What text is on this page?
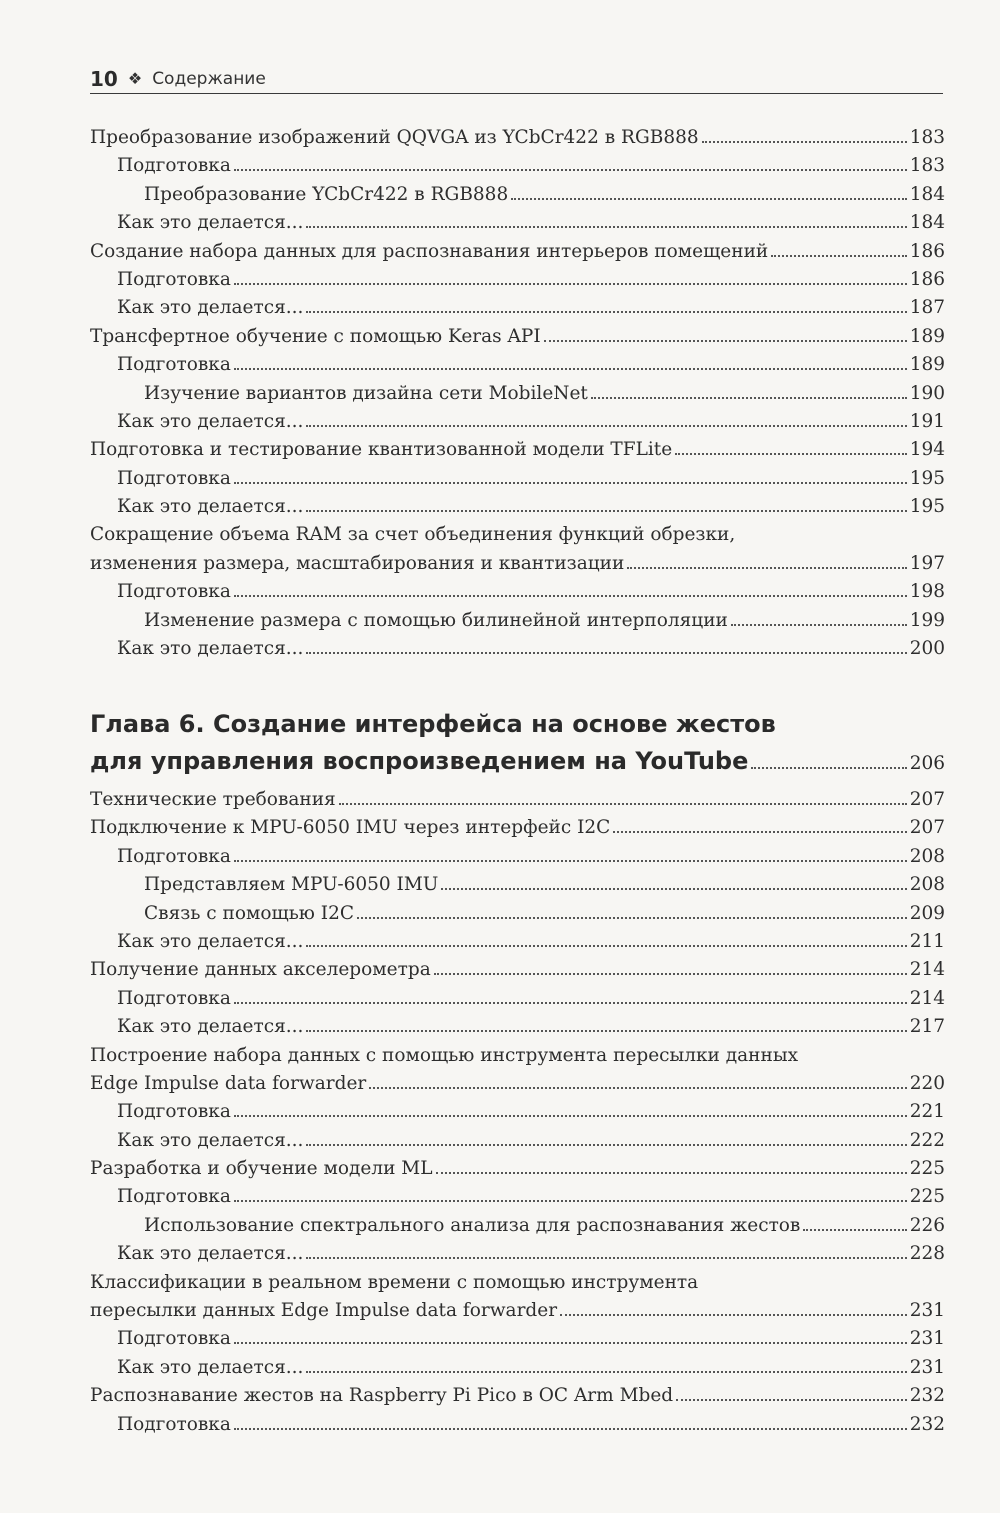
10 ❖ Содержание
Преобразование изображений QQVGA из YCbCr422 в RGB888	183
Подготовка	183
Преобразование YCbCr422 в RGB888	184
Как это делается...	184
Создание набора данных для распознавания интерьеров помещений	186
Подготовка	186
Как это делается...	187
Трансфертное обучение с помощью Keras API	189
Подготовка	189
Изучение вариантов дизайна сети MobileNet	190
Как это делается...	191
Подготовка и тестирование квантизованной модели TFLite	194
Подготовка	195
Как это делается...	195
Сокращение объема RAM за счет объединения функций обрезки,
изменения размера, масштабирования и квантизации	197
Подготовка	198
Изменение размера с помощью билинейной интерполяции	199
Как это делается...	200
Глава 6. Создание интерфейса на основе жестов
для управления воспроизведением на YouTube	206
Технические требования	207
Подключение к MPU-6050 IMU через интерфейс I2C	207
Подготовка	208
Представляем MPU-6050 IMU	208
Связь с помощью I2C	209
Как это делается...	211
Получение данных акселерометра	214
Подготовка	214
Как это делается...	217
Построение набора данных с помощью инструмента пересылки данных
Edge Impulse data forwarder	220
Подготовка	221
Как это делается...	222
Разработка и обучение модели ML	225
Подготовка	225
Использование спектрального анализа для распознавания жестов	226
Как это делается...	228
Классификации в реальном времени с помощью инструмента
пересылки данных Edge Impulse data forwarder	231
Подготовка	231
Как это делается...	231
Распознавание жестов на Raspberry Pi Pico в ОС Arm Mbed	232
Подготовка	232
